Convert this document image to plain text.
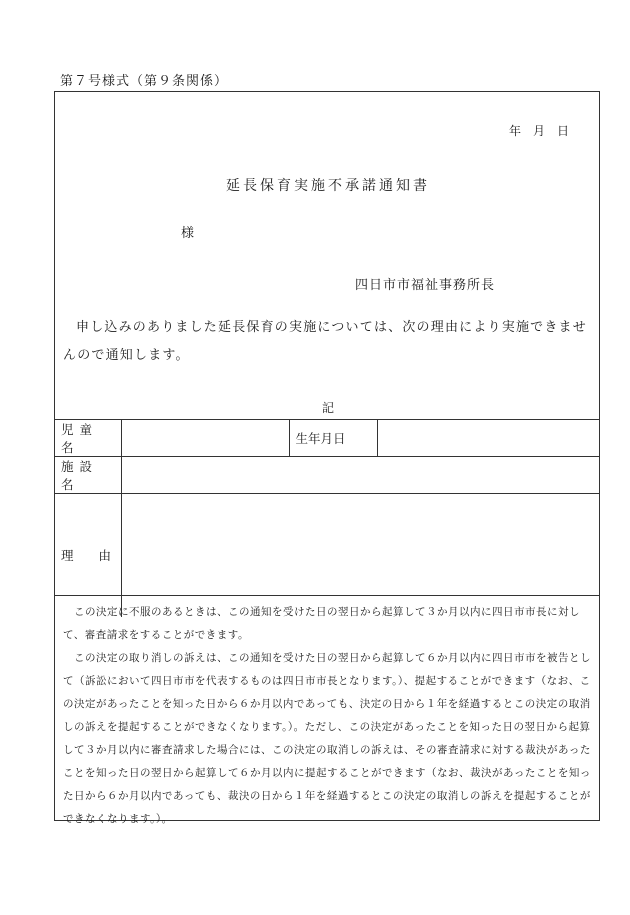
第７号様式（第９条関係）
年　月　日
延長保育実施不承諾通知書
様
四日市市福祉事務所長
申し込みのありました延長保育の実施については、次の理由により実施できませんので通知します。
記
児童名		生年月日	
施設名			
理　　由			

この決定に不服のあるときは、この通知を受けた日の翌日から起算して３か月以内に四日市市長に対して、審査請求をすることができます。

この決定の取り消しの訴えは、この通知を受けた日の翌日から起算して６か月以内に四日市市を被告として（訴訟において四日市市を代表するものは四日市市長となります。）、提起することができます（なお、この決定があったことを知った日から６か月以内であっても、決定の日から１年を経過するとこの決定の取消しの訴えを提起することができなくなります。）。ただし、この決定があったことを知った日の翌日から起算して３か月以内に審査請求した場合には、この決定の取消しの訴えは、その審査請求に対する裁決があったことを知った日の翌日から起算して６か月以内に提起することができます（なお、裁決があったことを知った日から６か月以内であっても、裁決の日から１年を経過するとこの決定の取消しの訴えを提起することができなくなります。）。
